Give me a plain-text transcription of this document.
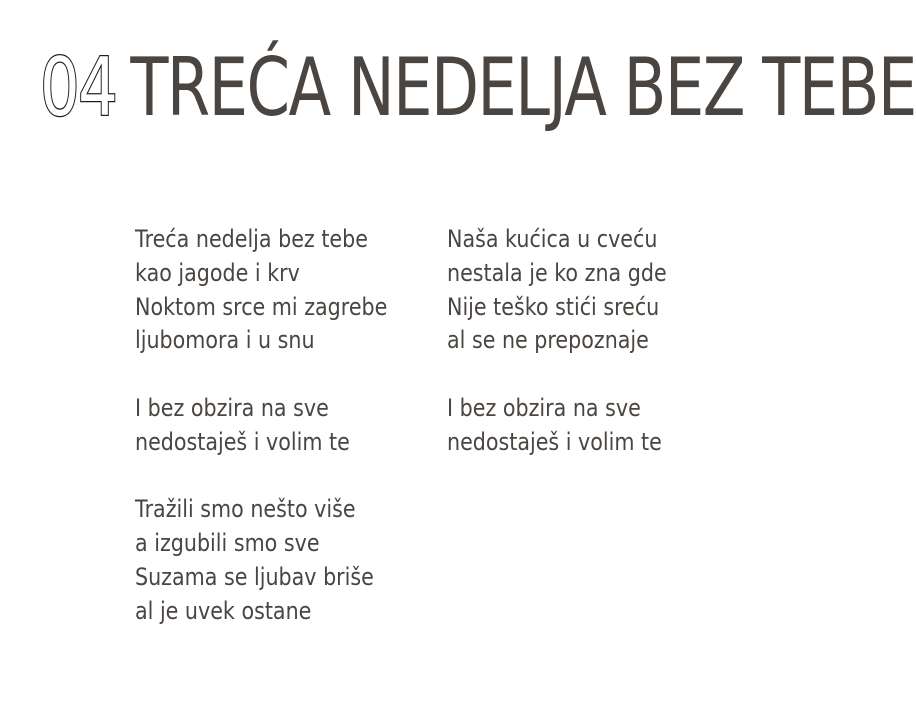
04 TREĆA NEDELJA BEZ TEBE
Treća nedelja bez tebe
kao jagode i krv
Noktom srce mi zagrebe
ljubomora i u snu
I bez obzira na sve
nedostaješ i volim te
Tražili smo nešto više
a izgubili smo sve
Suzama se ljubav briše
al je uvek ostane
Naša kućica u cveću
nestala je ko zna gde
Nije teško stići sreću
al se ne prepoznaje
I bez obzira na sve
nedostaješ i volim te
